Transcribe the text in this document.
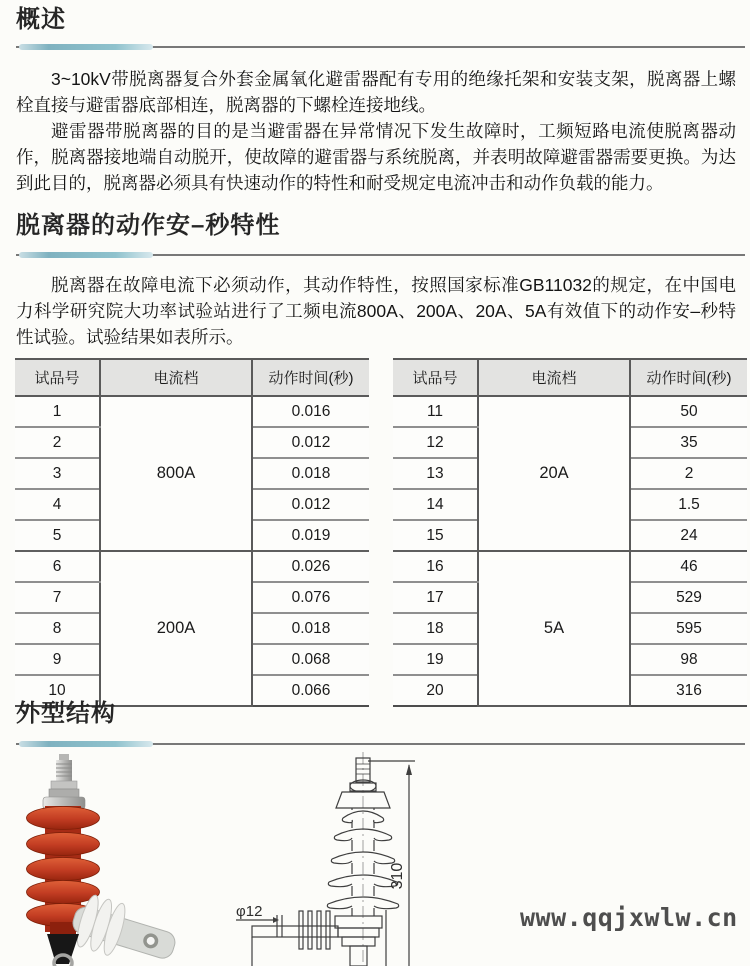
概述

3~10kV带脱离器复合外套金属氧化避雷器配有专用的绝缘托架和安装支架，脱离器上螺栓直接与避雷器底部相连，脱离器的下螺栓连接地线。

避雷器带脱离器的目的是当避雷器在异常情况下发生故障时，工频短路电流使脱离器动作，脱离器接地端自动脱开，使故障的避雷器与系统脱离，并表明故障避雷器需要更换。为达到此目的，脱离器必须具有快速动作的特性和耐受规定电流冲击和动作负载的能力。

脱离器的动作安–秒特性

脱离器在故障电流下必须动作，其动作特性，按照国家标准GB11032的规定，在中国电力科学研究院大功率试验站进行了工频电流800A、200A、20A、5A有效值下的动作安–秒特性试验。试验结果如表所示。

试品号	电流档	动作时间(秒)
1	800A	0.016
2		0.012
3		0.018
4		0.012
5		0.019
6	200A	0.026
7		0.076
8		0.018
9		0.068
10		0.066
试品号	电流档	动作时间(秒)
11	20A	50
12		35
13		2
14		1.5
15		24
16	5A	46
17		529
18		595
19		98
20		316
外型结构
φ12
310
www.qqjxwlw.cn
